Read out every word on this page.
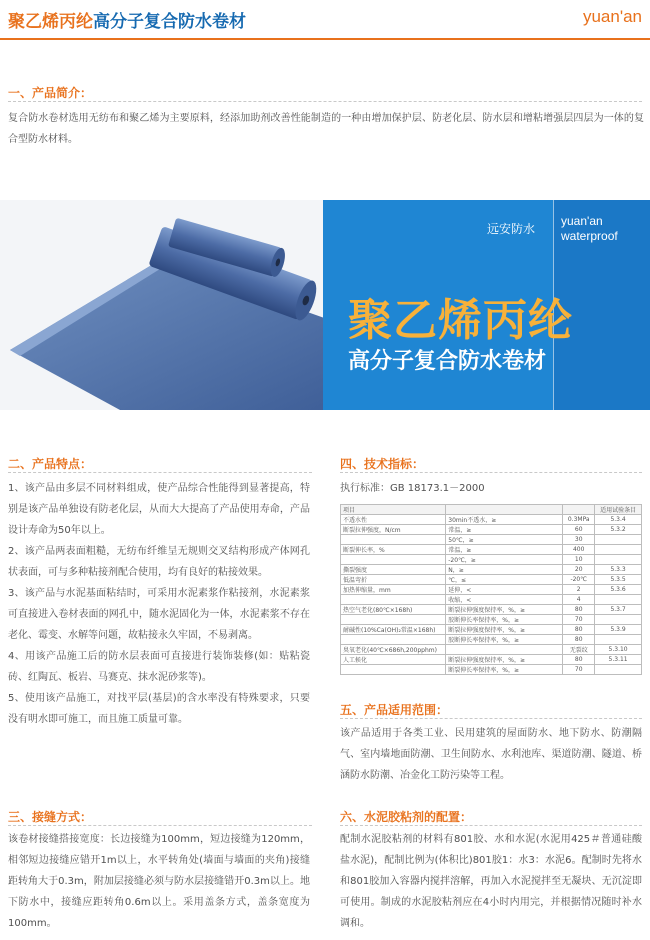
聚乙烯丙纶高分子复合防水卷材	yuan'an
一、产品简介：
复合防水卷材选用无纺布和聚乙烯为主要原料，经添加助剂改善性能制造的一种由增加保护层、防老化层、防水层和增粘增强层四层为一体的复合型防水材料。
远安防水
yuan'an
waterproof
聚乙烯丙纶
高分子复合防水卷材
二、产品特点：

1、该产品由多层不同材料组成，使产品综合性能得到显著提高，特别是该产品单独设有防老化层，从而大大提高了产品使用寿命，产品设计寿命为50年以上。

2、该产品两表面粗糙，无纺布纤维呈无规则交叉结构形成产体网孔状表面，可与多种粘接剂配合使用，均有良好的粘接效果。

3、该产品与水泥基面粘结时，可采用水泥素浆作粘接剂，水泥素浆可直接进入卷材表面的网孔中，随水泥固化为一体，水泥素浆不存在老化、霉变、水解等问题，故粘接永久牢固，不易剥离。

4、用该产品施工后的防水层表面可直接进行装饰装修(如：贴粘瓷砖、红陶瓦、板岩、马赛克、抹水泥砂浆等)。

5、使用该产品施工，对找平层(基层)的含水率没有特殊要求，只要没有明水即可施工，而且施工质量可靠。

三、接缝方式：
该卷材接缝搭接宽度：长边接缝为100mm，短边接缝为120mm，相邻短边接缝应错开1m以上，水平转角处(墙面与墙面的夹角)接缝距转角大于0.3m，附加层接缝必须与防水层接缝错开0.3m以上。地下防水中，接缝应距转角0.6m以上。采用盖条方式，盖条宽度为100mm。
四、技术指标：
执行标准：GB 18173.1－2000
项目			适用试验条目
不透水性	30min不透水，≥	0.3MPa	5.3.4
断裂拉伸强度，N/cm	常温，≥	60	5.3.2
	50℃，≥	30	
断裂伸长率，%	常温，≥	400	
	-20℃，≥	10	
撕裂强度	N，≥	20	5.3.3
低温弯折	℃，≤	-20℃	5.3.5
加热伸缩量，mm	延伸，<	2	5.3.6
	收缩，<	4	
热空气老化(80℃×168h)	断裂拉伸强度保持率，%，≥	80	5.3.7
	胶断伸长率保持率，%，≥	70	
耐碱性(10%Ca(OH)₂常温×168h)	断裂拉伸强度保持率，%，≥	80	5.3.9
	胶断伸长率保持率，%，≥	80	
臭氧老化(40℃×686h,200pphm)		无裂纹	5.3.10
人工候化	断裂拉伸强度保持率，%，≥	80	5.3.11
	断裂伸长率保持率，%，≥	70	
五、产品适用范围：
该产品适用于各类工业、民用建筑的屋面防水、地下防水、防潮隔气、室内墙地面防潮、卫生间防水、水利池库、渠道防潮、隧道、桥涵防水防潮、冶金化工防污染等工程。
六、水泥胶粘剂的配置：
配制水泥胶粘剂的材料有801胶、水和水泥(水泥用425＃普通硅酸盐水泥)，配制比例为(体积比)801胶1：水3：水泥6。配制时先将水和801胶加入容器内搅拌溶解，再加入水泥搅拌至无凝块、无沉淀即可使用。制成的水泥胶粘剂应在4小时内用完，并根据情况随时补水调和。
